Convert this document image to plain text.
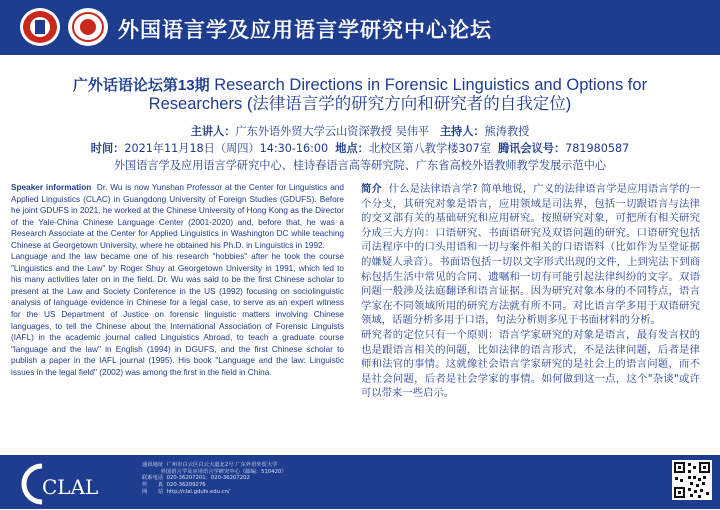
外国语言学及应用语言学研究中心论坛
广外话语论坛第13期 Research Directions in Forensic Linguistics and Options for
Researchers (法律语言学的研究方向和研究者的自我定位)
主讲人：广东外语外贸大学云山资深教授 吴伟平 主持人：熊涛教授
时间：2021年11月18日（周四）14:30-16:00 地点：北校区第八教学楼307室 腾讯会议号：781980587
外国语言学及应用语言学研究中心、桂诗春语言高等研究院、广东省高校外语教师教学发展示范中心

Speaker information Dr. Wu is now Yunshan Professor at the Center for Linguistics and Applied Linguistics (CLAC) in Guangdong University of Foreign Studies (GDUFS). Before he joint GDUFS in 2021, he worked at the Chinese University of Hong Kong as the Director of the Yale-China Chinese Language Center (2001-2020) and, before that, he was a Research Associate at the Center for Applied Linguistics in Washington DC while teaching Chinese at Georgetown University, where he obtained his Ph.D. in Linguistics in 1992.

Language and the law became one of his research "hobbies" after he took the course "Linguistics and the Law" by Roger Shuy at Georgetown University in 1991, which led to his many activities later on in the field. Dr. Wu was said to be the first Chinese scholar to present at the Law and Society Conference in the US (1992) focusing on sociolinguistic analysis of language evidence in Chinese for a legal case, to serve as an expert witness for the US Department of Justice on forensic linguistic matters involving Chinese languages, to tell the Chinese about the International Association of Forensic Linguists (IAFL) in the academic journal called Linguistics Abroad, to teach a graduate course "language and the law" in English (1994) in DGUFS, and the first Chinese scholar to publish a paper in the IAFL journal (1995). His book "Language and the law: Linguistic issues in the legal field" (2002) was among the first in the field in China.

简介 什么是法律语言学? 简单地说，广义的法律语言学是应用语言学的一个分支，其研究对象是语言，应用领域是司法界，包括一切跟语言与法律的交叉部有关的基础研究和应用研究。按照研究对象，可把所有相关研究分成三大方向：口语研究、书面语研究及双语问题的研究。口语研究包括司法程序中的口头用语和一切与案件相关的口语语料（比如作为呈堂证据的嫌疑人录音）。书面语包括一切以文字形式出现的文件，上到宪法下到商标包括生活中常见的合同、遗嘱和一切有可能引起法律纠纷的文字。双语问题一般涉及法庭翻译和语言证据。因为研究对象本身的不同特点，语言学家在不同领域所用的研究方法就有所不同。对比语言学多用于双语研究领域，话题分析多用于口语，句法分析则多见于书面材料的分析。

研究者的定位只有一个原则：语言学家研究的对象是语言，最有发言权的也是跟语言相关的问题，比如法律的语言形式，不是法律问题，后者是律师和法官的事情。这就像社会语言学家研究的是社会上的语言问题，而不是社会问题，后者是社会学家的事情。如何做到这一点，这个"杂谈"或许可以带来一些启示。

CLAL
通讯地址 广州市白云区白云大道北2号 广东外语外贸大学
外国语言学及应用语言学研究中心（邮编：510420）
联系电话 020-36207201；020-36207202
传　　真 020-36209276
网　　站 http://clal.gdufs.edu.cn/
